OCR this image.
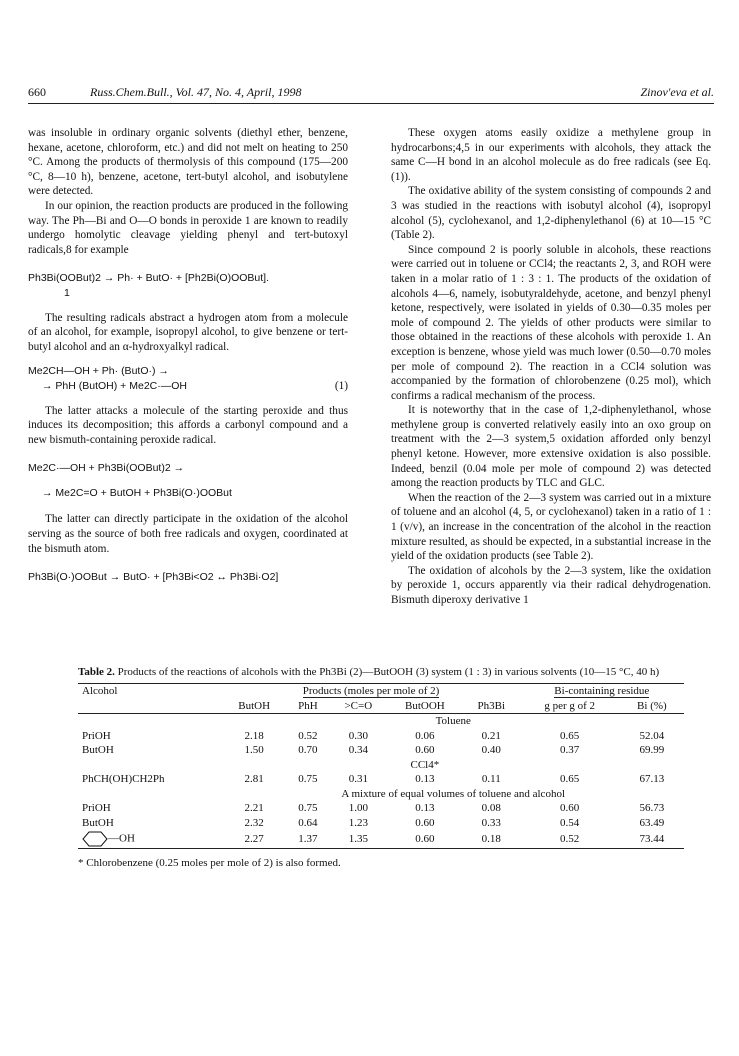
660	Russ.Chem.Bull., Vol. 47, No. 4, April, 1998	Zinov'eva et al.

was insoluble in ordinary organic solvents (diethyl ether, benzene, hexane, acetone, chloroform, etc.) and did not melt on heating to 250 °C. Among the products of thermolysis of this compound (175—200 °C, 8—10 h), benzene, acetone, tert-butyl alcohol, and isobutylene were detected.

In our opinion, the reaction products are produced in the following way. The Ph—Bi and O—O bonds in peroxide 1 are known to readily undergo homolytic cleavage yielding phenyl and tert-butoxyl radicals,8 for example

Ph3Bi(OOBut)2 → Ph· + ButO· + [Ph2Bi(O)OOBut].
1

The resulting radicals abstract a hydrogen atom from a molecule of an alcohol, for example, isopropyl alcohol, to give benzene or tert-butyl alcohol and an α-hydroxyalkyl radical.

Me2CH—OH + Ph· (ButO·) →
→ PhH (ButOH) + Me2C·—OH	(1)

The latter attacks a molecule of the starting peroxide and thus induces its decomposition; this affords a carbonyl compound and a new bismuth-containing peroxide radical.

Me2C·—OH + Ph3Bi(OOBut)2 →
→ Me2C=O + ButOH + Ph3Bi(O·)OOBut

The latter can directly participate in the oxidation of the alcohol serving as the source of both free radicals and oxygen, coordinated at the bismuth atom.

Ph3Bi(O·)OOBut → ButO· + [Ph3Bi<O2 ↔ Ph3Bi·O2]

These oxygen atoms easily oxidize a methylene group in hydrocarbons;4,5 in our experiments with alcohols, they attack the same C—H bond in an alcohol molecule as do free radicals (see Eq. (1)).

The oxidative ability of the system consisting of compounds 2 and 3 was studied in the reactions with isobutyl alcohol (4), isopropyl alcohol (5), cyclohexanol, and 1,2-diphenylethanol (6) at 10—15 °C (Table 2).

Since compound 2 is poorly soluble in alcohols, these reactions were carried out in toluene or CCl4; the reactants 2, 3, and ROH were taken in a molar ratio of 1 : 3 : 1. The products of the oxidation of alcohols 4—6, namely, isobutyraldehyde, acetone, and benzyl phenyl ketone, respectively, were isolated in yields of 0.30—0.35 moles per mole of compound 2. The yields of other products were similar to those obtained in the reactions of these alcohols with peroxide 1. An exception is benzene, whose yield was much lower (0.50—0.70 moles per mole of compound 2). The reaction in a CCl4 solution was accompanied by the formation of chlorobenzene (0.25 mol), which confirms a radical mechanism of the process.

It is noteworthy that in the case of 1,2-diphenylethanol, whose methylene group is converted relatively easily into an oxo group on treatment with the 2—3 system,5 oxidation afforded only benzyl phenyl ketone. However, more extensive oxidation is also possible. Indeed, benzil (0.04 mole per mole of compound 2) was detected among the reaction products by TLC and GLC.

When the reaction of the 2—3 system was carried out in a mixture of toluene and an alcohol (4, 5, or cyclohexanol) taken in a ratio of 1 : 1 (v/v), an increase in the concentration of the alcohol in the reaction mixture resulted, as should be expected, in a substantial increase in the yield of the oxidation products (see Table 2).

The oxidation of alcohols by the 2—3 system, like the oxidation by peroxide 1, occurs apparently via their radical dehydrogenation. Bismuth diperoxy derivative 1

Table 2. Products of the reactions of alcohols with the Ph3Bi (2)—ButOOH (3) system (1 : 3) in various solvents (10—15 °C, 40 h)
Alcohol	Products (moles per mole of 2)					Bi-containing residue	
	ButOH	PhH	>C=O	ButOOH	Ph3Bi	g per g of 2	Bi (%)
	Toluene						
PriOH	2.18	0.52	0.30	0.06	0.21	0.65	52.04
ButOH	1.50	0.70	0.34	0.60	0.40	0.37	69.99
				CCl4*			
PhCH(OH)CH2Ph	2.81	0.75	0.31	0.13	0.11	0.65	67.13
	A mixture of equal volumes of toluene and alcohol						
PriOH	2.21	0.75	1.00	0.13	0.08	0.60	56.73
ButOH	2.32	0.64	1.23	0.60	0.33	0.54	63.49
—OH	2.27	1.37	1.35	0.60	0.18	0.52	73.44
* Chlorobenzene (0.25 moles per mole of 2) is also formed.
